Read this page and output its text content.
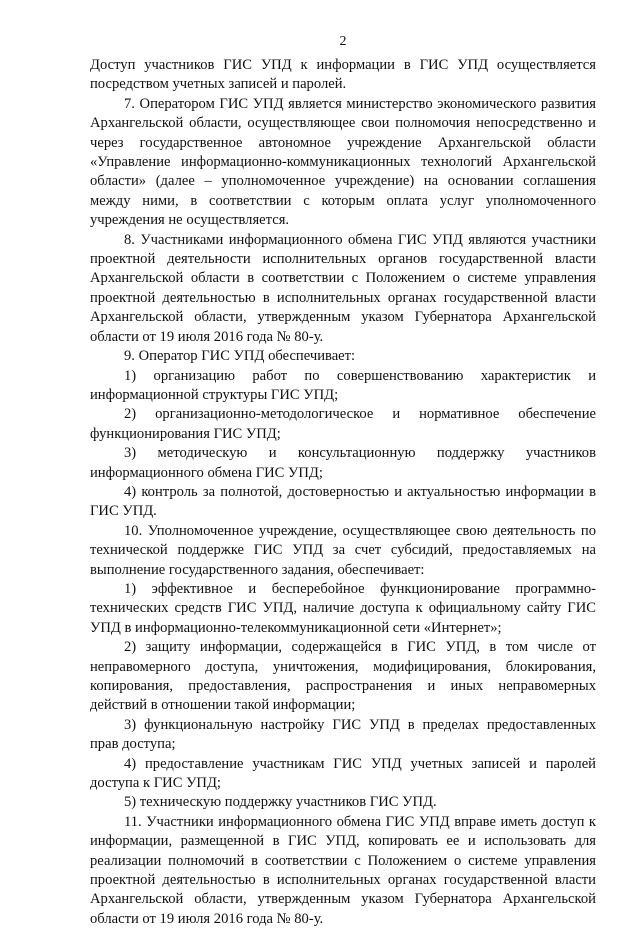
2

Доступ участников ГИС УПД к информации в ГИС УПД осуществляется посредством учетных записей и паролей.

7. Оператором ГИС УПД является министерство экономического развития Архангельской области, осуществляющее свои полномочия непосредственно и через государственное автономное учреждение Архангельской области «Управление информационно-коммуникационных технологий Архангельской области» (далее – уполномоченное учреждение) на основании соглашения между ними, в соответствии с которым оплата услуг уполномоченного учреждения не осуществляется.

8. Участниками информационного обмена ГИС УПД являются участники проектной деятельности исполнительных органов государственной власти Архангельской области в соответствии с Положением о системе управления проектной деятельностью в исполнительных органах государственной власти Архангельской области, утвержденным указом Губернатора Архангельской области от 19 июля 2016 года № 80-у.

9. Оператор ГИС УПД обеспечивает:

1) организацию работ по совершенствованию характеристик и информационной структуры ГИС УПД;

2) организационно-методологическое и нормативное обеспечение функционирования ГИС УПД;

3) методическую и консультационную поддержку участников информационного обмена ГИС УПД;

4) контроль за полнотой, достоверностью и актуальностью информации в ГИС УПД.

10. Уполномоченное учреждение, осуществляющее свою деятельность по технической поддержке ГИС УПД за счет субсидий, предоставляемых на выполнение государственного задания, обеспечивает:

1) эффективное и бесперебойное функционирование программно-технических средств ГИС УПД, наличие доступа к официальному сайту ГИС УПД в информационно-телекоммуникационной сети «Интернет»;

2) защиту информации, содержащейся в ГИС УПД, в том числе от неправомерного доступа, уничтожения, модифицирования, блокирования, копирования, предоставления, распространения и иных неправомерных действий в отношении такой информации;

3) функциональную настройку ГИС УПД в пределах предоставленных прав доступа;

4) предоставление участникам ГИС УПД учетных записей и паролей доступа к ГИС УПД;

5) техническую поддержку участников ГИС УПД.

11. Участники информационного обмена ГИС УПД вправе иметь доступ к информации, размещенной в ГИС УПД, копировать ее и использовать для реализации полномочий в соответствии с Положением о системе управления проектной деятельностью в исполнительных органах государственной власти Архангельской области, утвержденным указом Губернатора Архангельской области от 19 июля 2016 года № 80-у.
